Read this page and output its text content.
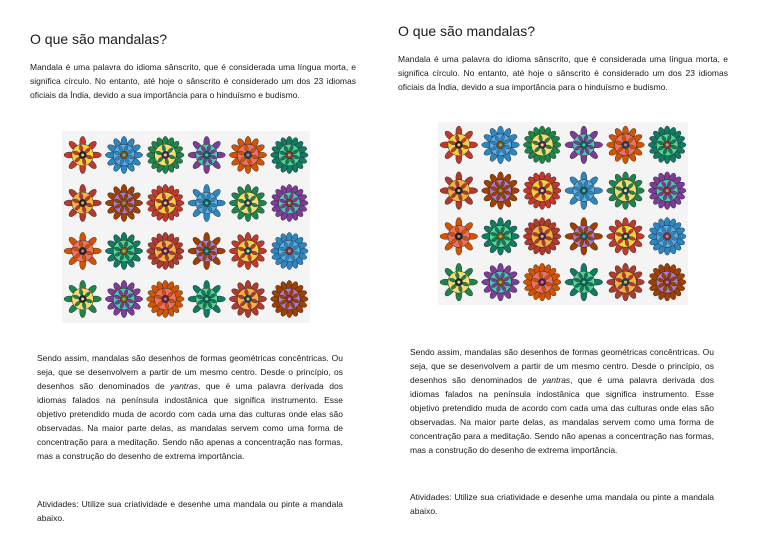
O que são mandalas?

Mandala é uma palavra do idioma sânscrito, que é considerada uma língua morta, e significa círculo. No entanto, até hoje o sânscrito é considerado um dos 23 idiomas oficiais da Índia, devido a sua importância para o hinduísmo e budismo.

Sendo assim, mandalas são desenhos de formas geométricas concêntricas. Ou seja, que se desenvolvem a partir de um mesmo centro. Desde o princípio, os desenhos são denominados de yantras, que é uma palavra derivada dos idiomas falados na península indostânica que significa instrumento. Esse objetivo pretendido muda de acordo com cada uma das culturas onde elas são observadas. Na maior parte delas, as mandalas servem como uma forma de concentração para a meditação. Sendo não apenas a concentração nas formas, mas a construção do desenho de extrema importância.

Atividades: Utilize sua criatividade e desenhe uma mandala ou pinte a mandala abaixo.

O que são mandalas?

Mandala é uma palavra do idioma sânscrito, que é considerada uma língua morta, e significa círculo. No entanto, até hoje o sânscrito é considerado um dos 23 idiomas oficiais da Índia, devido a sua importância para o hinduísmo e budismo.

Sendo assim, mandalas são desenhos de formas geométricas concêntricas. Ou seja, que se desenvolvem a partir de um mesmo centro. Desde o princípio, os desenhos são denominados de yantras, que é uma palavra derivada dos idiomas falados na península indostânica que significa instrumento. Esse objetivo pretendido muda de acordo com cada uma das culturas onde elas são observadas. Na maior parte delas, as mandalas servem como uma forma de concentração para a meditação. Sendo não apenas a concentração nas formas, mas a construção do desenho de extrema importância.

Atividades: Utilize sua criatividade e desenhe uma mandala ou pinte a mandala abaixo.
